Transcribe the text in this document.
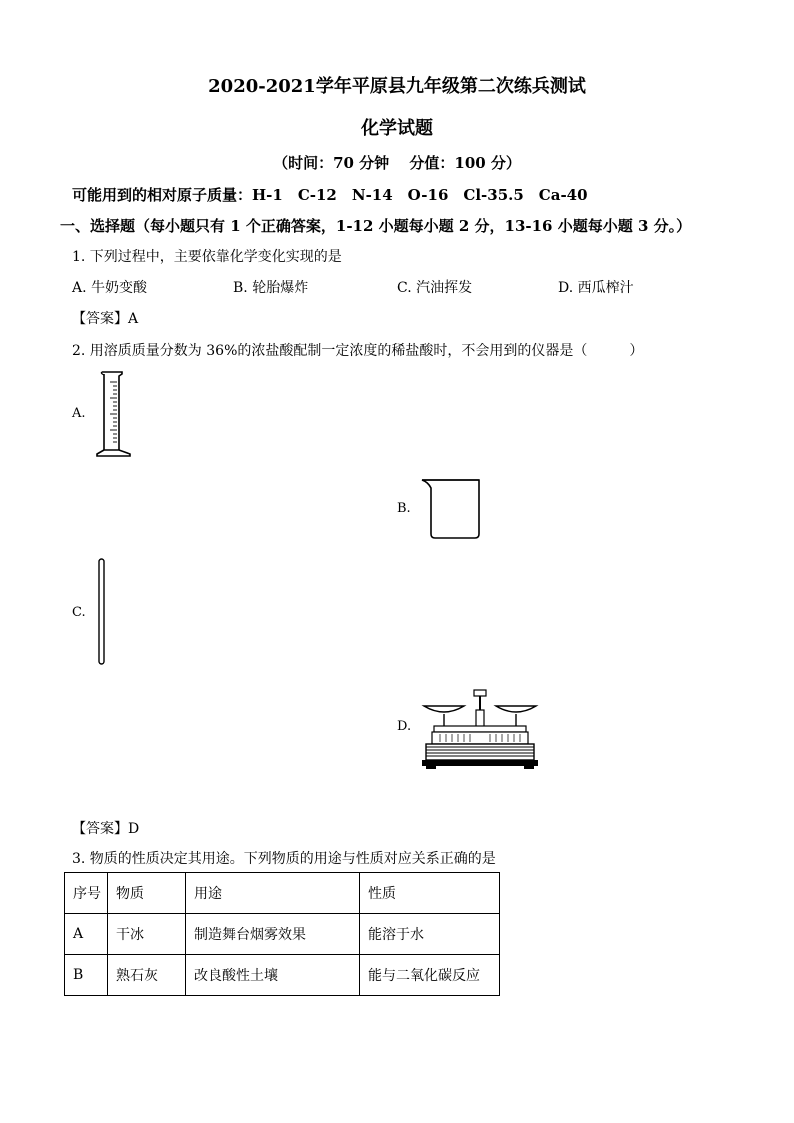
2020-2021学年平原县九年级第二次练兵测试
化学试题
（时间：70 分钟　 分值：100 分）
可能用到的相对原子质量：H-1　C-12　N-14　O-16　Cl-35.5　Ca-40
一、选择题（每小题只有 1 个正确答案，1-12 小题每小题 2 分，13-16 小题每小题 3 分。）
1. 下列过程中，主要依靠化学变化实现的是
A. 牛奶变酸	B. 轮胎爆炸	C. 汽油挥发	D. 西瓜榨汁
【答案】A
2. 用溶质质量分数为 36%的浓盐酸配制一定浓度的稀盐酸时，不会用到的仪器是（　　　）
A.
B.
C.
D.
【答案】D
3. 物质的性质决定其用途。下列物质的用途与性质对应关系正确的是
序号	物质	用途	性质
A	干冰	制造舞台烟雾效果	能溶于水
B	熟石灰	改良酸性土壤	能与二氧化碳反应
